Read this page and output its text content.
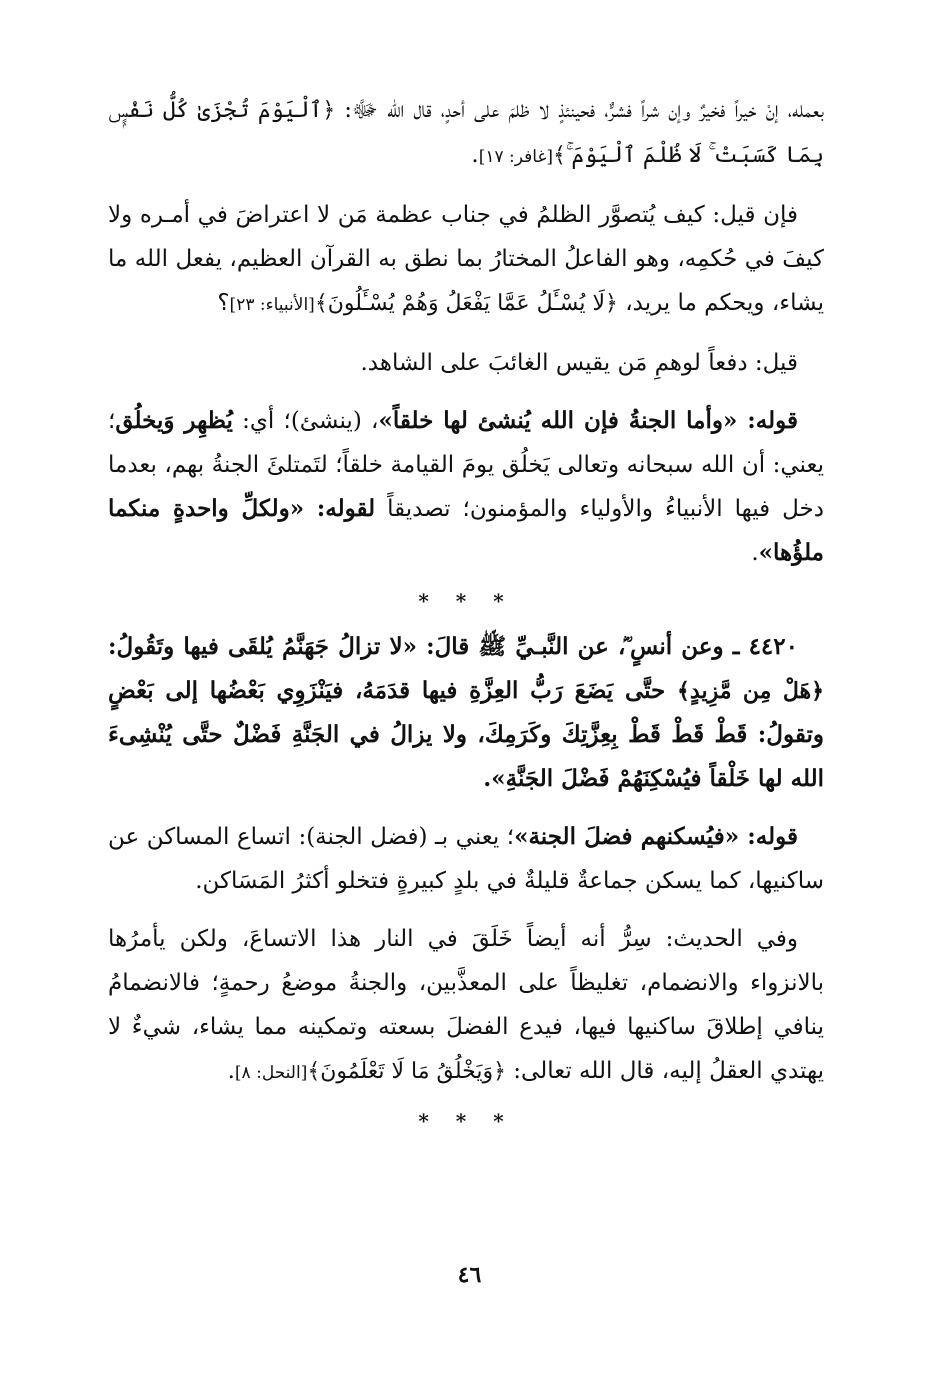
بعمله، إنْ خيراً فخيرٌ وإن شراً فشرٌّ، فحينئذٍ لا ظلمَ على أحدٍ، قال الله ﷻ: ﴿ٱلْيَوْمَ تُجْزَىٰ كُلُّ نَفْسٍۭ بِمَا كَسَبَتْ ۚ لَا ظُلْمَ ٱلْيَوْمَ ۚ﴾[غافر: ١٧].

فإن قيل: كيف يُتصوَّر الظلمُ في جناب عظمة مَن لا اعتراضَ في أمـره ولا كيفَ في حُكمِه، وهو الفاعلُ المختارُ بما نطق به القرآن العظيم، يفعل الله ما يشاء، ويحكم ما يريد، ﴿لَا يُسْـَٔلُ عَمَّا يَفْعَلُ وَهُمْ يُسْـَٔلُونَ﴾[الأنبياء: ٢٣]؟

قيل: دفعاً لوهمِ مَن يقيس الغائبَ على الشاهد.

قوله: «وأما الجنةُ فإن الله يُنشئ لها خلقاً»، (ينشئ)؛ أي: يُظهِر وَيخلُق؛ يعني: أن الله سبحانه وتعالى يَخلُق يومَ القيامة خلقاً؛ لتَمتلئَ الجنةُ بهم، بعدما دخل فيها الأنبياءُ والأولياء والمؤمنون؛ تصديقاً لقوله: «ولكلِّ واحدةٍ منكما ملؤُها».

* * *

٤٤٢٠ ـ وعن أنسٍ ؓ، عن النَّبـيِّ ﷺ قالَ: «لا تزالُ جَهَنَّمُ يُلقَى فيها وتَقُولُ: ﴿هَلْ مِن مَّزِيدٍ﴾ حتَّى يَضَعَ رَبُّ العِزَّةِ فيها قدَمَهُ، فيَنْزَوِي بَعْضُها إلى بَعْضٍ وتقولُ: قَطْ قَطْ قَطْ بِعِزَّتِكَ وكَرَمِكَ، ولا يزالُ في الجَنَّةِ فَضْلٌ حتَّى يُنْشِىءَ الله لها خَلْقاً فيُسْكِنَهُمْ فَضْلَ الجَنَّةِ».

قوله: «فيُسكنهم فضلَ الجنة»؛ يعني بـ (فضل الجنة): اتساع المساكن عن ساكنيها، كما يسكن جماعةٌ قليلةٌ في بلدٍ كبيرةٍ فتخلو أكثرُ المَسَاكن.

وفي الحديث: سِرُّ أنه أيضاً خَلَقَ في النار هذا الاتساعَ، ولكن يأمرُها بالانزواء والانضمام، تغليظاً على المعذَّبين، والجنةُ موضعُ رحمةٍ؛ فالانضمامُ ينافي إطلاقَ ساكنيها فيها، فيدع الفضلَ بسعته وتمكينه مما يشاء، شيءٌ لا يهتدي العقلُ إليه، قال الله تعالى: ﴿وَيَخْلُقُ مَا لَا تَعْلَمُونَ﴾[النحل: ٨].

* * *
٤٦
